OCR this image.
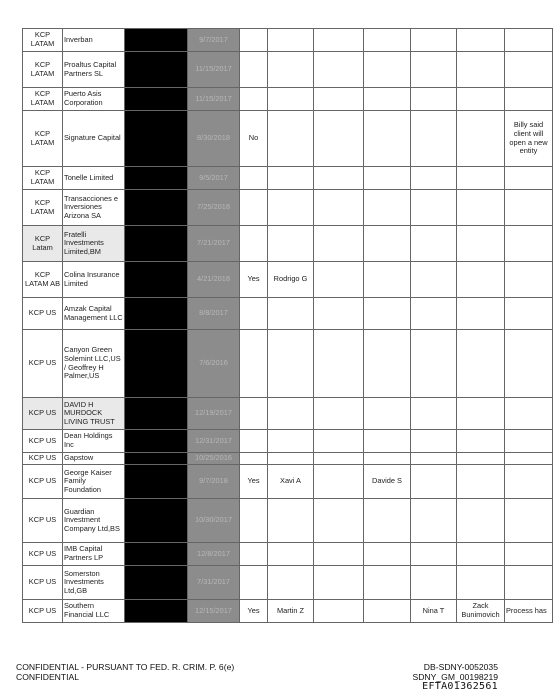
KCP LATAM	Inverban		9/7/2017							
KCP LATAM	Proaltus Capital Partners SL		11/15/2017							
KCP LATAM	Puerto Asis Corporation		11/15/2017							
KCP LATAM	Signature Capital		8/30/2018	No						Billy said client will open a new entity
KCP LATAM	Tonelle Limited		9/5/2017							
KCP LATAM	Transacciones e Inversiones Arizona SA		7/25/2018							
KCP Latam	Fratelli Investments Limited,BM		7/21/2017							
KCP LATAM AB	Colina Insurance Limited		4/21/2018	Yes	Rodrigo G					
KCP US	Amzak Capital Management LLC		8/8/2017							
KCP US	Canyon Green Solemint LLC,US / Geoffrey H Palmer,US		7/6/2016							
KCP US	DAVID H MURDOCK LIVING TRUST		12/19/2017							
KCP US	Dean Holdings Inc		12/31/2017							
KCP US	Gapstow		10/25/2016							
KCP US	George Kaiser Family Foundation		9/7/2018	Yes	Xavi A		Davide S			
KCP US	Guardian Investment Company Ltd,BS		10/30/2017							
KCP US	IMB Capital Partners LP		12/8/2017							
KCP US	Somerston Investments Ltd,GB		7/31/2017							
KCP US	Southern Financial LLC		12/15/2017	Yes	Martin Z			Nina T	Zack Bunimovich	Process has
CONFIDENTIAL - PURSUANT TO FED. R. CRIM. P. 6(e)
CONFIDENTIAL
DB-SDNY-0052035
SDNY_GM_00198219
EFTA01362561
